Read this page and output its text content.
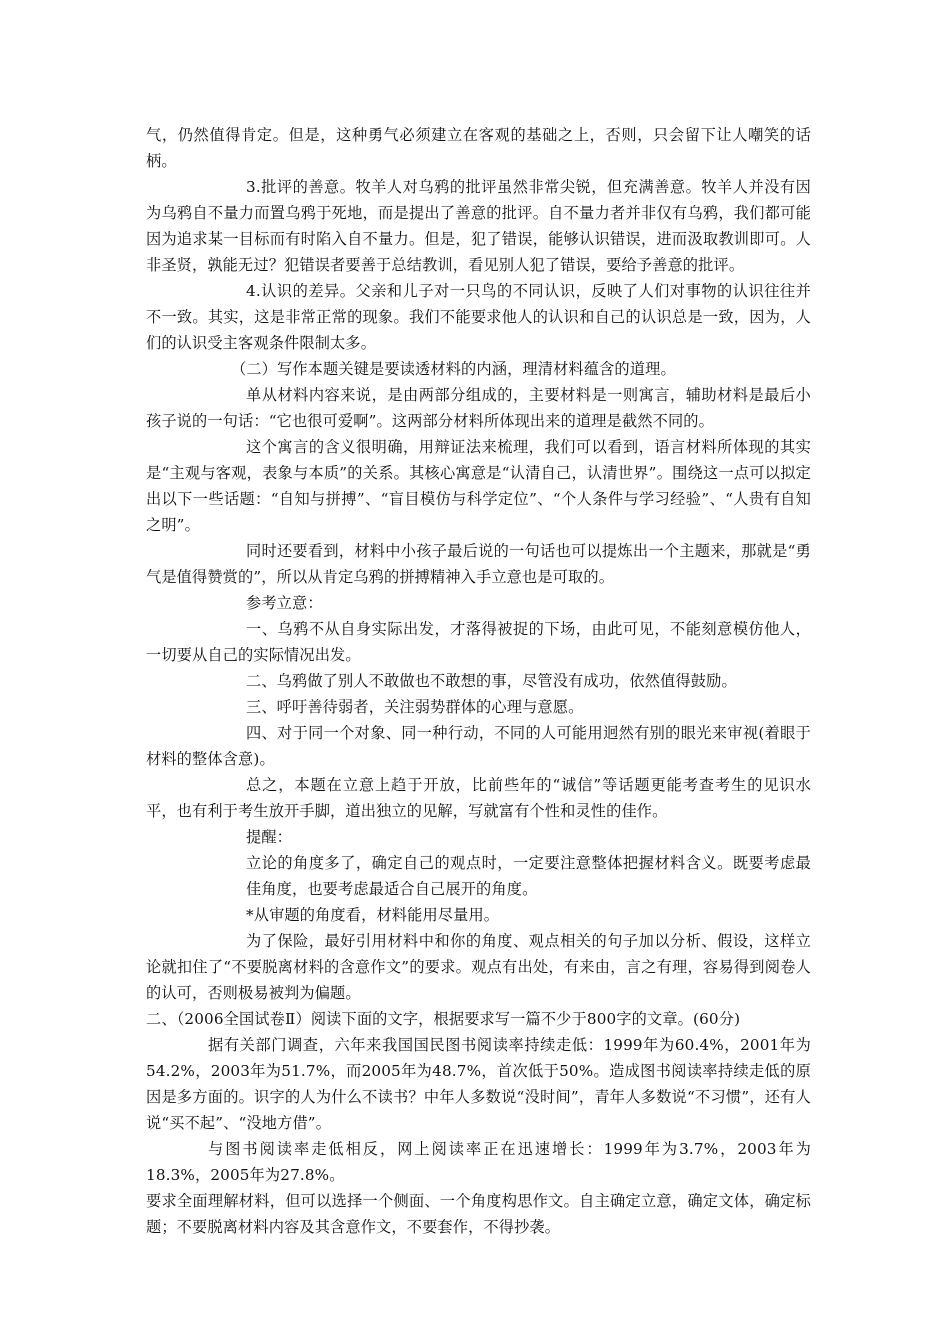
气，仍然值得肯定。但是，这种勇气必须建立在客观的基础之上，否则，只会留下让人嘲笑的话柄。

3.批评的善意。牧羊人对乌鸦的批评虽然非常尖锐，但充满善意。牧羊人并没有因为乌鸦自不量力而置乌鸦于死地，而是提出了善意的批评。自不量力者并非仅有乌鸦，我们都可能因为追求某一目标而有时陷入自不量力。但是，犯了错误，能够认识错误，进而汲取教训即可。人非圣贤，孰能无过？犯错误者要善于总结教训，看见别人犯了错误，要给予善意的批评。

4.认识的差异。父亲和儿子对一只鸟的不同认识，反映了人们对事物的认识往往并不一致。其实，这是非常正常的现象。我们不能要求他人的认识和自己的认识总是一致，因为，人们的认识受主客观条件限制太多。

（二）写作本题关键是要读透材料的内涵，理清材料蕴含的道理。

单从材料内容来说，是由两部分组成的，主要材料是一则寓言，辅助材料是最后小孩子说的一句话：“它也很可爱啊”。这两部分材料所体现出来的道理是截然不同的。

这个寓言的含义很明确，用辩证法来梳理，我们可以看到，语言材料所体现的其实是“主观与客观，表象与本质”的关系。其核心寓意是“认清自己，认清世界”。围绕这一点可以拟定出以下一些话题：“自知与拼搏”、“盲目模仿与科学定位”、“个人条件与学习经验”、“人贵有自知之明”。

同时还要看到，材料中小孩子最后说的一句话也可以提炼出一个主题来，那就是“勇气是值得赞赏的”，所以从肯定乌鸦的拼搏精神入手立意也是可取的。

参考立意：

一、乌鸦不从自身实际出发，才落得被捉的下场，由此可见，不能刻意模仿他人，一切要从自己的实际情况出发。

二、乌鸦做了别人不敢做也不敢想的事，尽管没有成功，依然值得鼓励。

三、呼吁善待弱者，关注弱势群体的心理与意愿。

四、对于同一个对象、同一种行动，不同的人可能用迥然有别的眼光来审视(着眼于材料的整体含意)。

总之，本题在立意上趋于开放，比前些年的“诚信”等话题更能考查考生的见识水平，也有利于考生放开手脚，道出独立的见解，写就富有个性和灵性的佳作。

提醒：

立论的角度多了，确定自己的观点时，一定要注意整体把握材料含义。既要考虑最佳角度，也要考虑最适合自己展开的角度。

*从审题的角度看，材料能用尽量用。

为了保险，最好引用材料中和你的角度、观点相关的句子加以分析、假设，这样立论就扣住了“不要脱离材料的含意作文”的要求。观点有出处，有来由，言之有理，容易得到阅卷人的认可，否则极易被判为偏题。

二、（2006全国试卷Ⅱ）阅读下面的文字，根据要求写一篇不少于800字的文章。(60分)

据有关部门调查，六年来我国国民图书阅读率持续走低：1999年为60.4%，2001年为54.2%，2003年为51.7%，而2005年为48.7%，首次低于50%。造成图书阅读率持续走低的原因是多方面的。识字的人为什么不读书？中年人多数说“没时间”，青年人多数说“不习惯”，还有人说“买不起”、“没地方借”。

与图书阅读率走低相反，网上阅读率正在迅速增长：1999年为3.7%，2003年为18.3%，2005年为27.8%。

要求全面理解材料，但可以选择一个侧面、一个角度构思作文。自主确定立意，确定文体，确定标题；不要脱离材料内容及其含意作文，不要套作，不得抄袭。
